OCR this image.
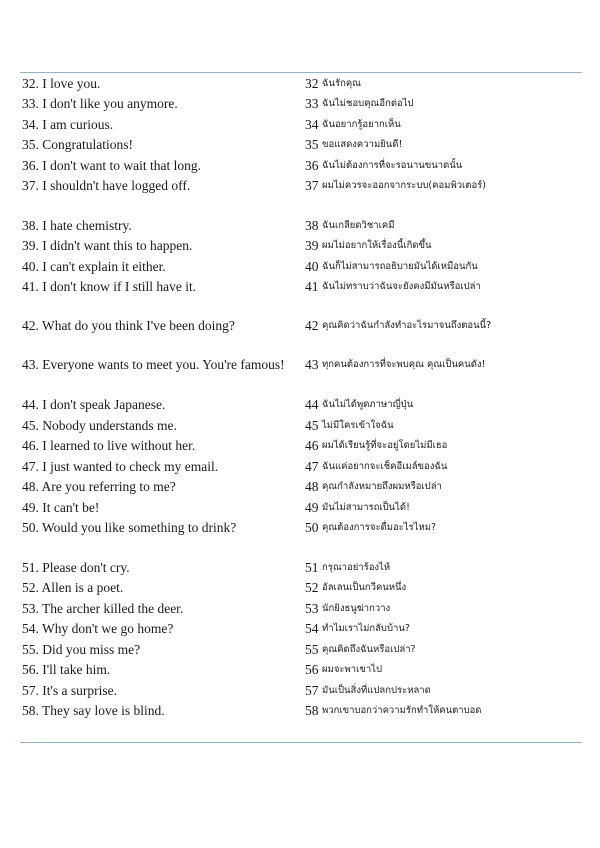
32. I love you.	32 ฉันรักคุณ
33. I don't like you anymore.	33 ฉันไม่ชอบคุณอีกต่อไป
34. I am curious.	34 ฉันอยากรู้อยากเห็น
35. Congratulations!	35 ขอแสดงความยินดี!
36. I don't want to wait that long.	36 ฉันไม่ต้องการที่จะรอนานขนาดนั้น
37. I shouldn't have logged off.	37 ผมไม่ควรจะออกจากระบบ(คอมพิวเตอร์)
38. I hate chemistry.	38 ฉันเกลียดวิชาเคมี
39. I didn't want this to happen.	39 ผมไม่อยากให้เรื่องนี้เกิดขึ้น
40. I can't explain it either.	40 ฉันก็ไม่สามารถอธิบายมันได้เหมือนกัน
41. I don't know if I still have it.	41 ฉันไม่ทราบว่าฉันจะยังคงมีมันหรือเปล่า
42. What do you think I've been doing?	42 คุณคิดว่าฉันกำลังทำอะไรมาจนถึงตอนนี้?
43. Everyone wants to meet you. You're famous!	43 ทุกคนต้องการที่จะพบคุณ คุณเป็นคนดัง!
44. I don't speak Japanese.	44 ฉันไม่ได้พูดภาษาญี่ปุ่น
45. Nobody understands me.	45 ไม่มีใครเข้าใจฉัน
46. I learned to live without her.	46 ผมได้เรียนรู้ที่จะอยู่โดยไม่มีเธอ
47. I just wanted to check my email.	47 ฉันแค่อยากจะเช็คอีเมล์ของฉัน
48. Are you referring to me?	48 คุณกำลังหมายถึงผมหรือเปล่า
49. It can't be!	49 มันไม่สามารถเป็นได้!
50. Would you like something to drink?	50 คุณต้องการจะดื่มอะไรไหม?
51. Please don't cry.	51 กรุณาอย่าร้องไห้
52. Allen is a poet.	52 อัลเลนเป็นกวีคนหนึ่ง
53. The archer killed the deer.	53 นักยิงธนูฆ่ากวาง
54. Why don't we go home?	54 ทำไมเราไม่กลับบ้าน?
55. Did you miss me?	55 คุณคิดถึงฉันหรือเปล่า?
56. I'll take him.	56 ผมจะพาเขาไป
57. It's a surprise.	57 มันเป็นสิ่งที่แปลกประหลาด
58. They say love is blind.	58 พวกเขาบอกว่าความรักทำให้คนตาบอด
